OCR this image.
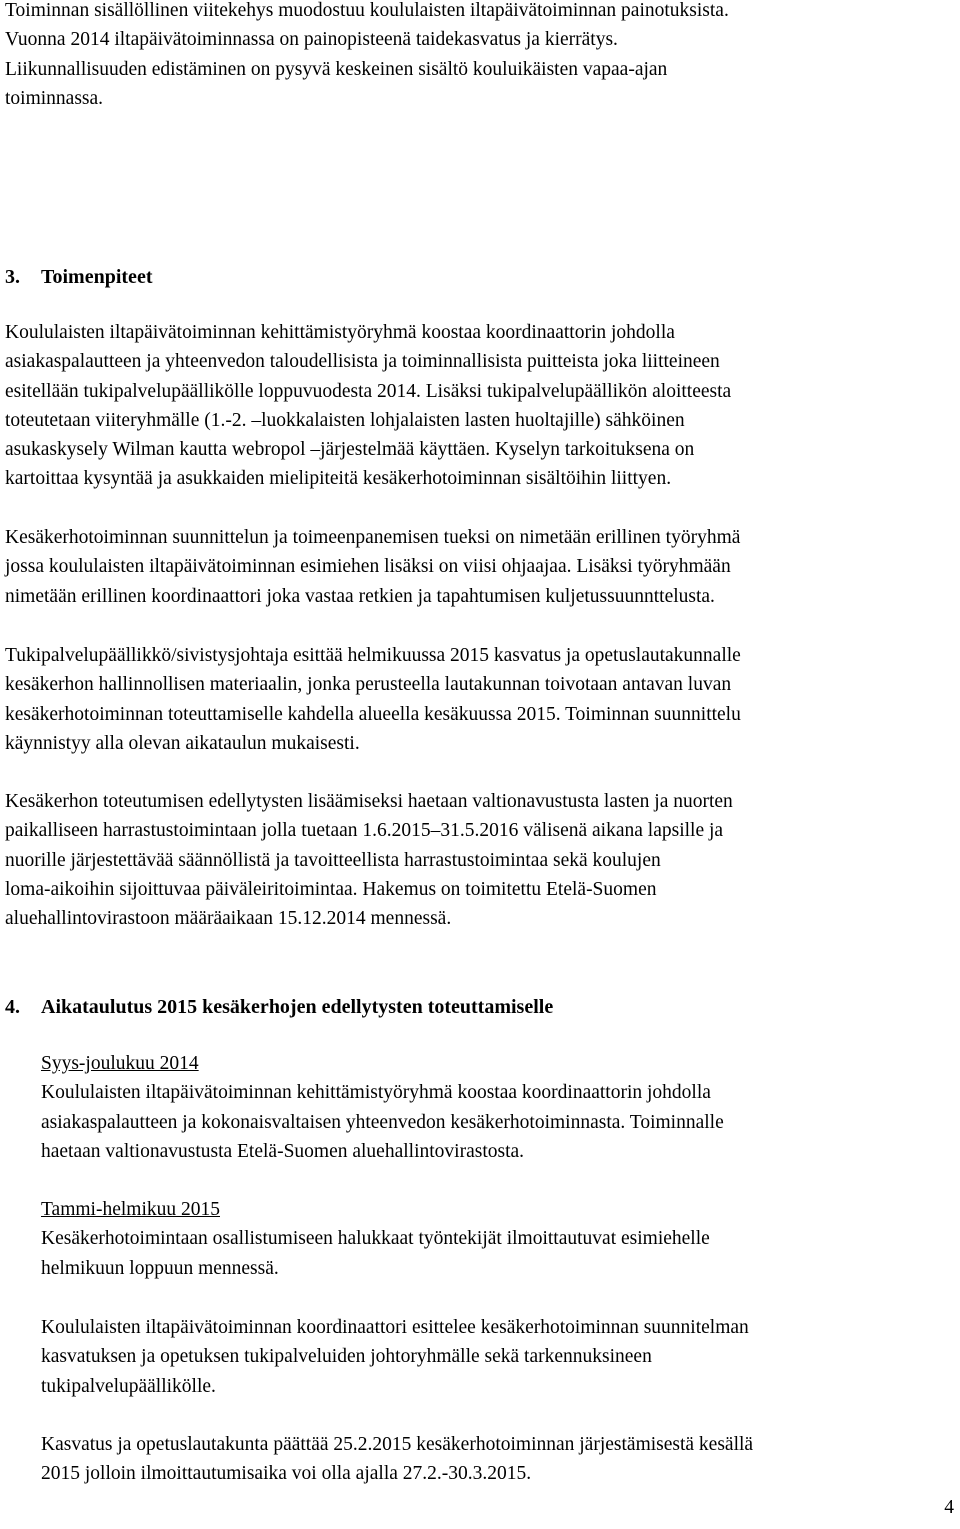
Toiminnan sisällöllinen viitekehys muodostuu koululaisten iltapäivätoiminnan painotuksista.
Vuonna 2014 iltapäivätoiminnassa on painopisteenä taidekasvatus ja kierrätys.
Liikunnallisuuden edistäminen on pysyvä keskeinen sisältö kouluikäisten vapaa-ajan
toiminnassa.
3. Toimenpiteet
Koululaisten iltapäivätoiminnan kehittämistyöryhmä koostaa koordinaattorin johdolla
asiakaspalautteen ja yhteenvedon taloudellisista ja toiminnallisista puitteista joka liitteineen
esitellään tukipalvelupäällikölle loppuvuodesta 2014. Lisäksi tukipalvelupäällikön aloitteesta
toteutetaan viiteryhmälle (1.-2. –luokkalaisten lohjalaisten lasten huoltajille) sähköinen
asukaskysely Wilman kautta webropol –järjestelmää käyttäen. Kyselyn tarkoituksena on
kartoittaa kysyntää ja asukkaiden mielipiteitä kesäkerhotoiminnan sisältöihin liittyen.
Kesäkerhotoiminnan suunnittelun ja toimeenpanemisen tueksi on nimetään erillinen työryhmä
jossa koululaisten iltapäivätoiminnan esimiehen lisäksi on viisi ohjaajaa. Lisäksi työryhmään
nimetään erillinen koordinaattori joka vastaa retkien ja tapahtumisen kuljetussuunnttelusta.
Tukipalvelupäällikkö/sivistysjohtaja esittää helmikuussa 2015 kasvatus ja opetuslautakunnalle
kesäkerhon hallinnollisen materiaalin, jonka perusteella lautakunnan toivotaan antavan luvan
kesäkerhotoiminnan toteuttamiselle kahdella alueella kesäkuussa 2015. Toiminnan suunnittelu
käynnistyy alla olevan aikataulun mukaisesti.
Kesäkerhon toteutumisen edellytysten lisäämiseksi haetaan valtionavustusta lasten ja nuorten
paikalliseen harrastustoimintaan jolla tuetaan 1.6.2015–31.5.2016 välisenä aikana lapsille ja
nuorille järjestettävää säännöllistä ja tavoitteellista harrastustoimintaa sekä koulujen
loma-aikoihin sijoittuvaa päiväleiritoimintaa. Hakemus on toimitettu Etelä-Suomen
aluehallintovirastoon määräaikaan 15.12.2014 mennessä.
4. Aikataulutus 2015 kesäkerhojen edellytysten toteuttamiselle
Syys-joulukuu 2014
Koululaisten iltapäivätoiminnan kehittämistyöryhmä koostaa koordinaattorin johdolla
asiakaspalautteen ja kokonaisvaltaisen yhteenvedon kesäkerhotoiminnasta. Toiminnalle
haetaan valtionavustusta Etelä-Suomen aluehallintovirastosta.
Tammi-helmikuu 2015
Kesäkerhotoimintaan osallistumiseen halukkaat työntekijät ilmoittautuvat esimiehelle
helmikuun loppuun mennessä.
Koululaisten iltapäivätoiminnan koordinaattori esittelee kesäkerhotoiminnan suunnitelman
kasvatuksen ja opetuksen tukipalveluiden johtoryhmälle sekä tarkennuksineen
tukipalvelupäällikölle.
Kasvatus ja opetuslautakunta päättää 25.2.2015 kesäkerhotoiminnan järjestämisestä kesällä
2015 jolloin ilmoittautumisaika voi olla ajalla 27.2.-30.3.2015.
4
